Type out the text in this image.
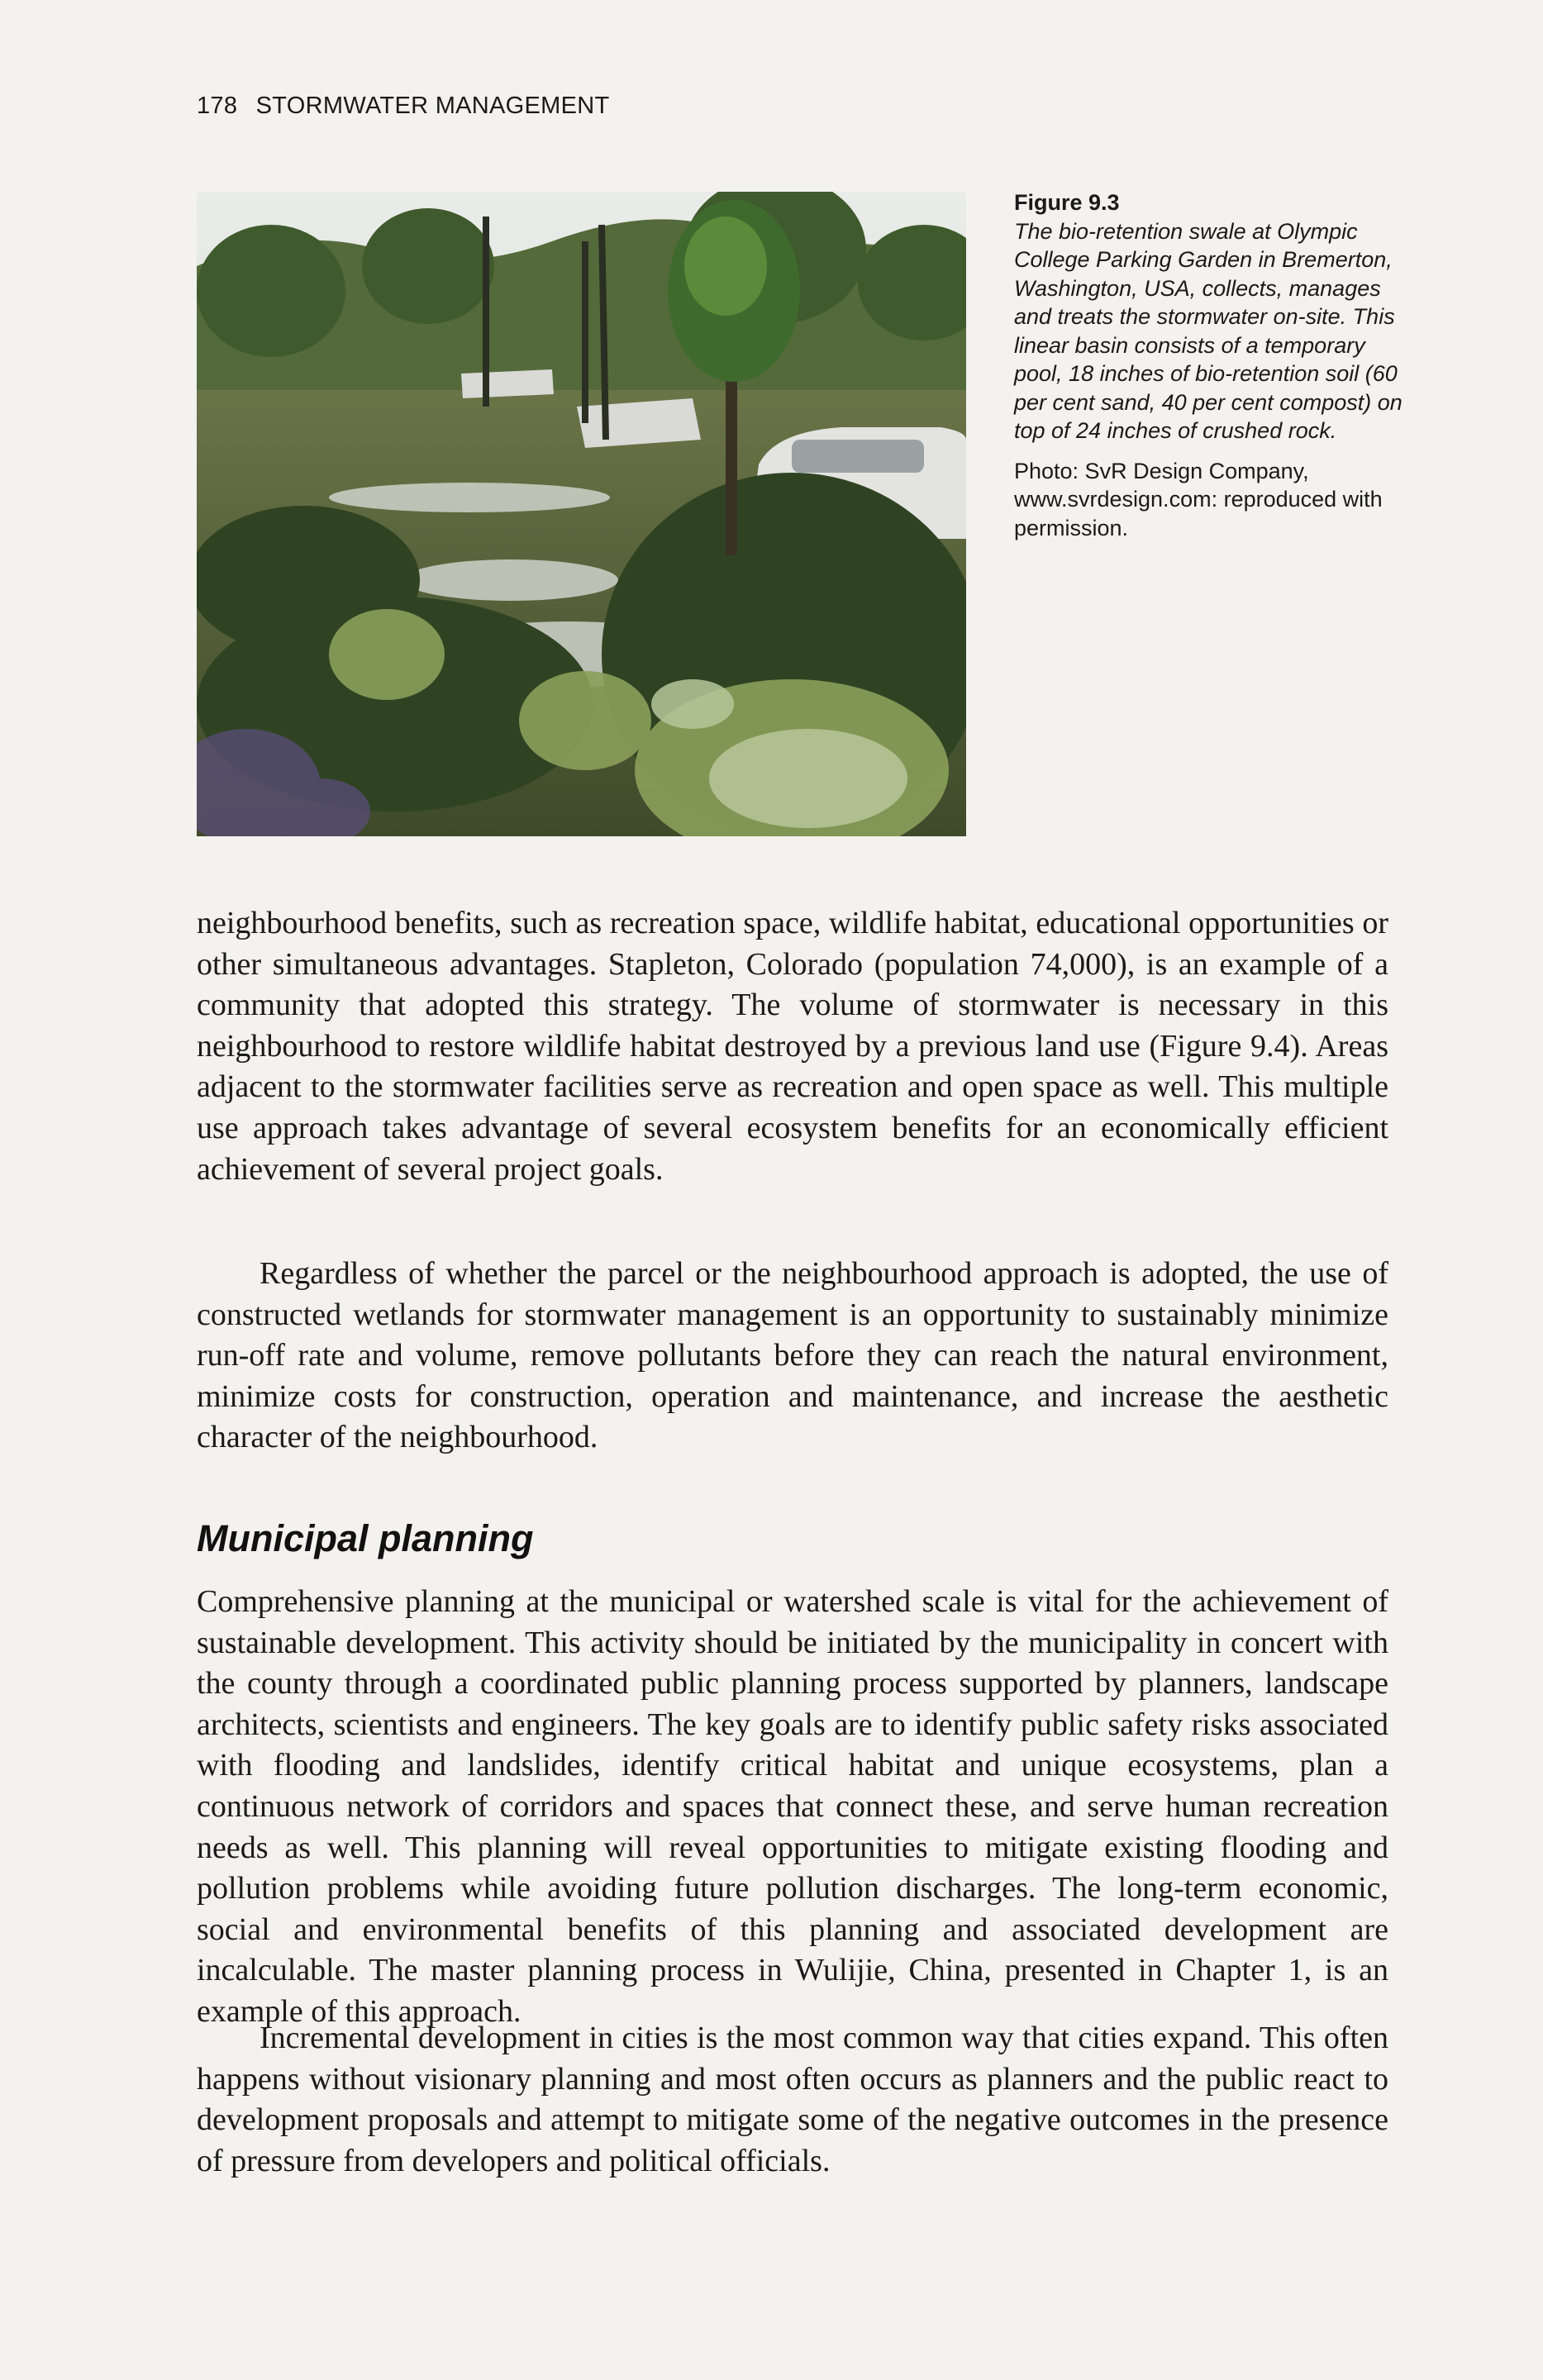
178 STORMWATER MANAGEMENT
Figure 9.3
The bio-retention swale at Olympic College Parking Garden in Bremerton, Washington, USA, collects, manages and treats the stormwater on-site. This linear basin consists of a temporary pool, 18 inches of bio-retention soil (60 per cent sand, 40 per cent compost) on top of 24 inches of crushed rock.
Photo: SvR Design Company, www.svrdesign.com: reproduced with permission.

neighbourhood benefits, such as recreation space, wildlife habitat, educational opportunities or other simultaneous advantages. Stapleton, Colorado (population 74,000), is an example of a community that adopted this strategy. The volume of stormwater is necessary in this neighbourhood to restore wildlife habitat destroyed by a previous land use (Figure 9.4). Areas adjacent to the stormwater facilities serve as recreation and open space as well. This multiple use approach takes advantage of several ecosystem benefits for an economically efficient achievement of several project goals.

Regardless of whether the parcel or the neighbourhood approach is adopted, the use of constructed wetlands for stormwater management is an opportunity to sustainably minimize run-off rate and volume, remove pollutants before they can reach the natural environment, minimize costs for construction, operation and maintenance, and increase the aesthetic character of the neighbourhood.

Municipal planning

Comprehensive planning at the municipal or watershed scale is vital for the achievement of sustainable development. This activity should be initiated by the municipality in concert with the county through a coordinated public planning process supported by planners, landscape architects, scientists and engineers. The key goals are to identify public safety risks associated with flooding and landslides, identify critical habitat and unique ecosystems, plan a continuous network of corridors and spaces that connect these, and serve human recreation needs as well. This planning will reveal opportunities to mitigate existing flooding and pollution problems while avoiding future pollution discharges. The long-term economic, social and environmental benefits of this planning and associated development are incalculable. The master planning process in Wulijie, China, presented in Chapter 1, is an example of this approach.

Incremental development in cities is the most common way that cities expand. This often happens without visionary planning and most often occurs as planners and the public react to development proposals and attempt to mitigate some of the negative outcomes in the presence of pressure from developers and political officials.
